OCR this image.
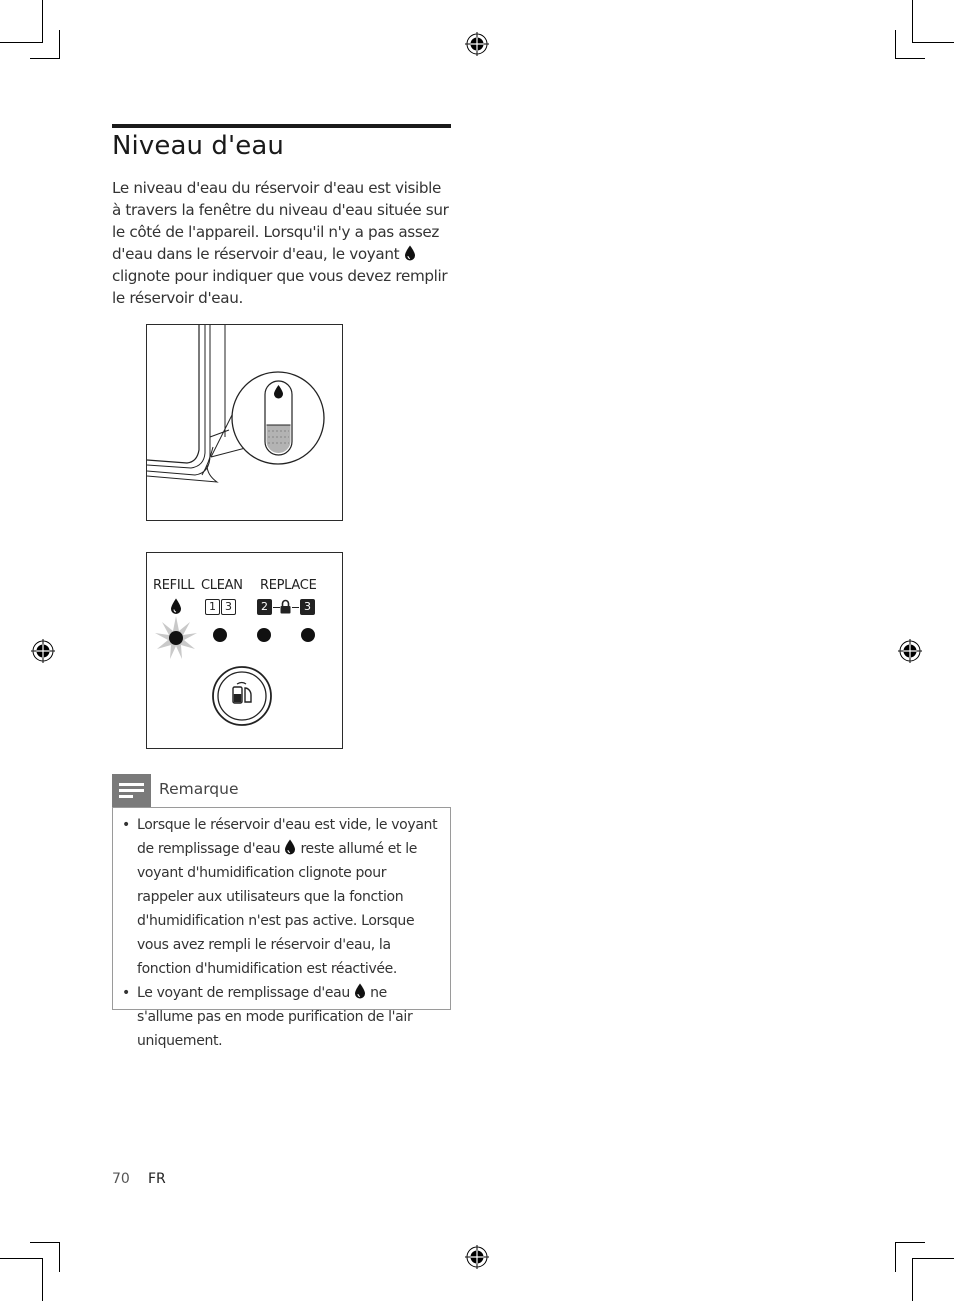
Niveau d'eau

Le niveau d'eau du réservoir d'eau est visible à travers la fenêtre du niveau d'eau située sur le côté de l'appareil. Lorsqu'il n'y a pas assez d'eau dans le réservoir d'eau, le voyant  clignote pour indiquer que vous devez remplir le réservoir d'eau.

REFILL CLEAN REPLACE
1 3	2	3
Remarque
• Lorsque le réservoir d'eau est vide, le voyant de remplissage d'eau reste allumé et le voyant d'humidification clignote pour rappeler aux utilisateurs que la fonction d'humidification n'est pas active. Lorsque vous avez rempli le réservoir d'eau, la fonction d'humidification est réactivée.
• Le voyant de remplissage d'eau ne s'allume pas en mode purification de l'air uniquement.
70 FR
